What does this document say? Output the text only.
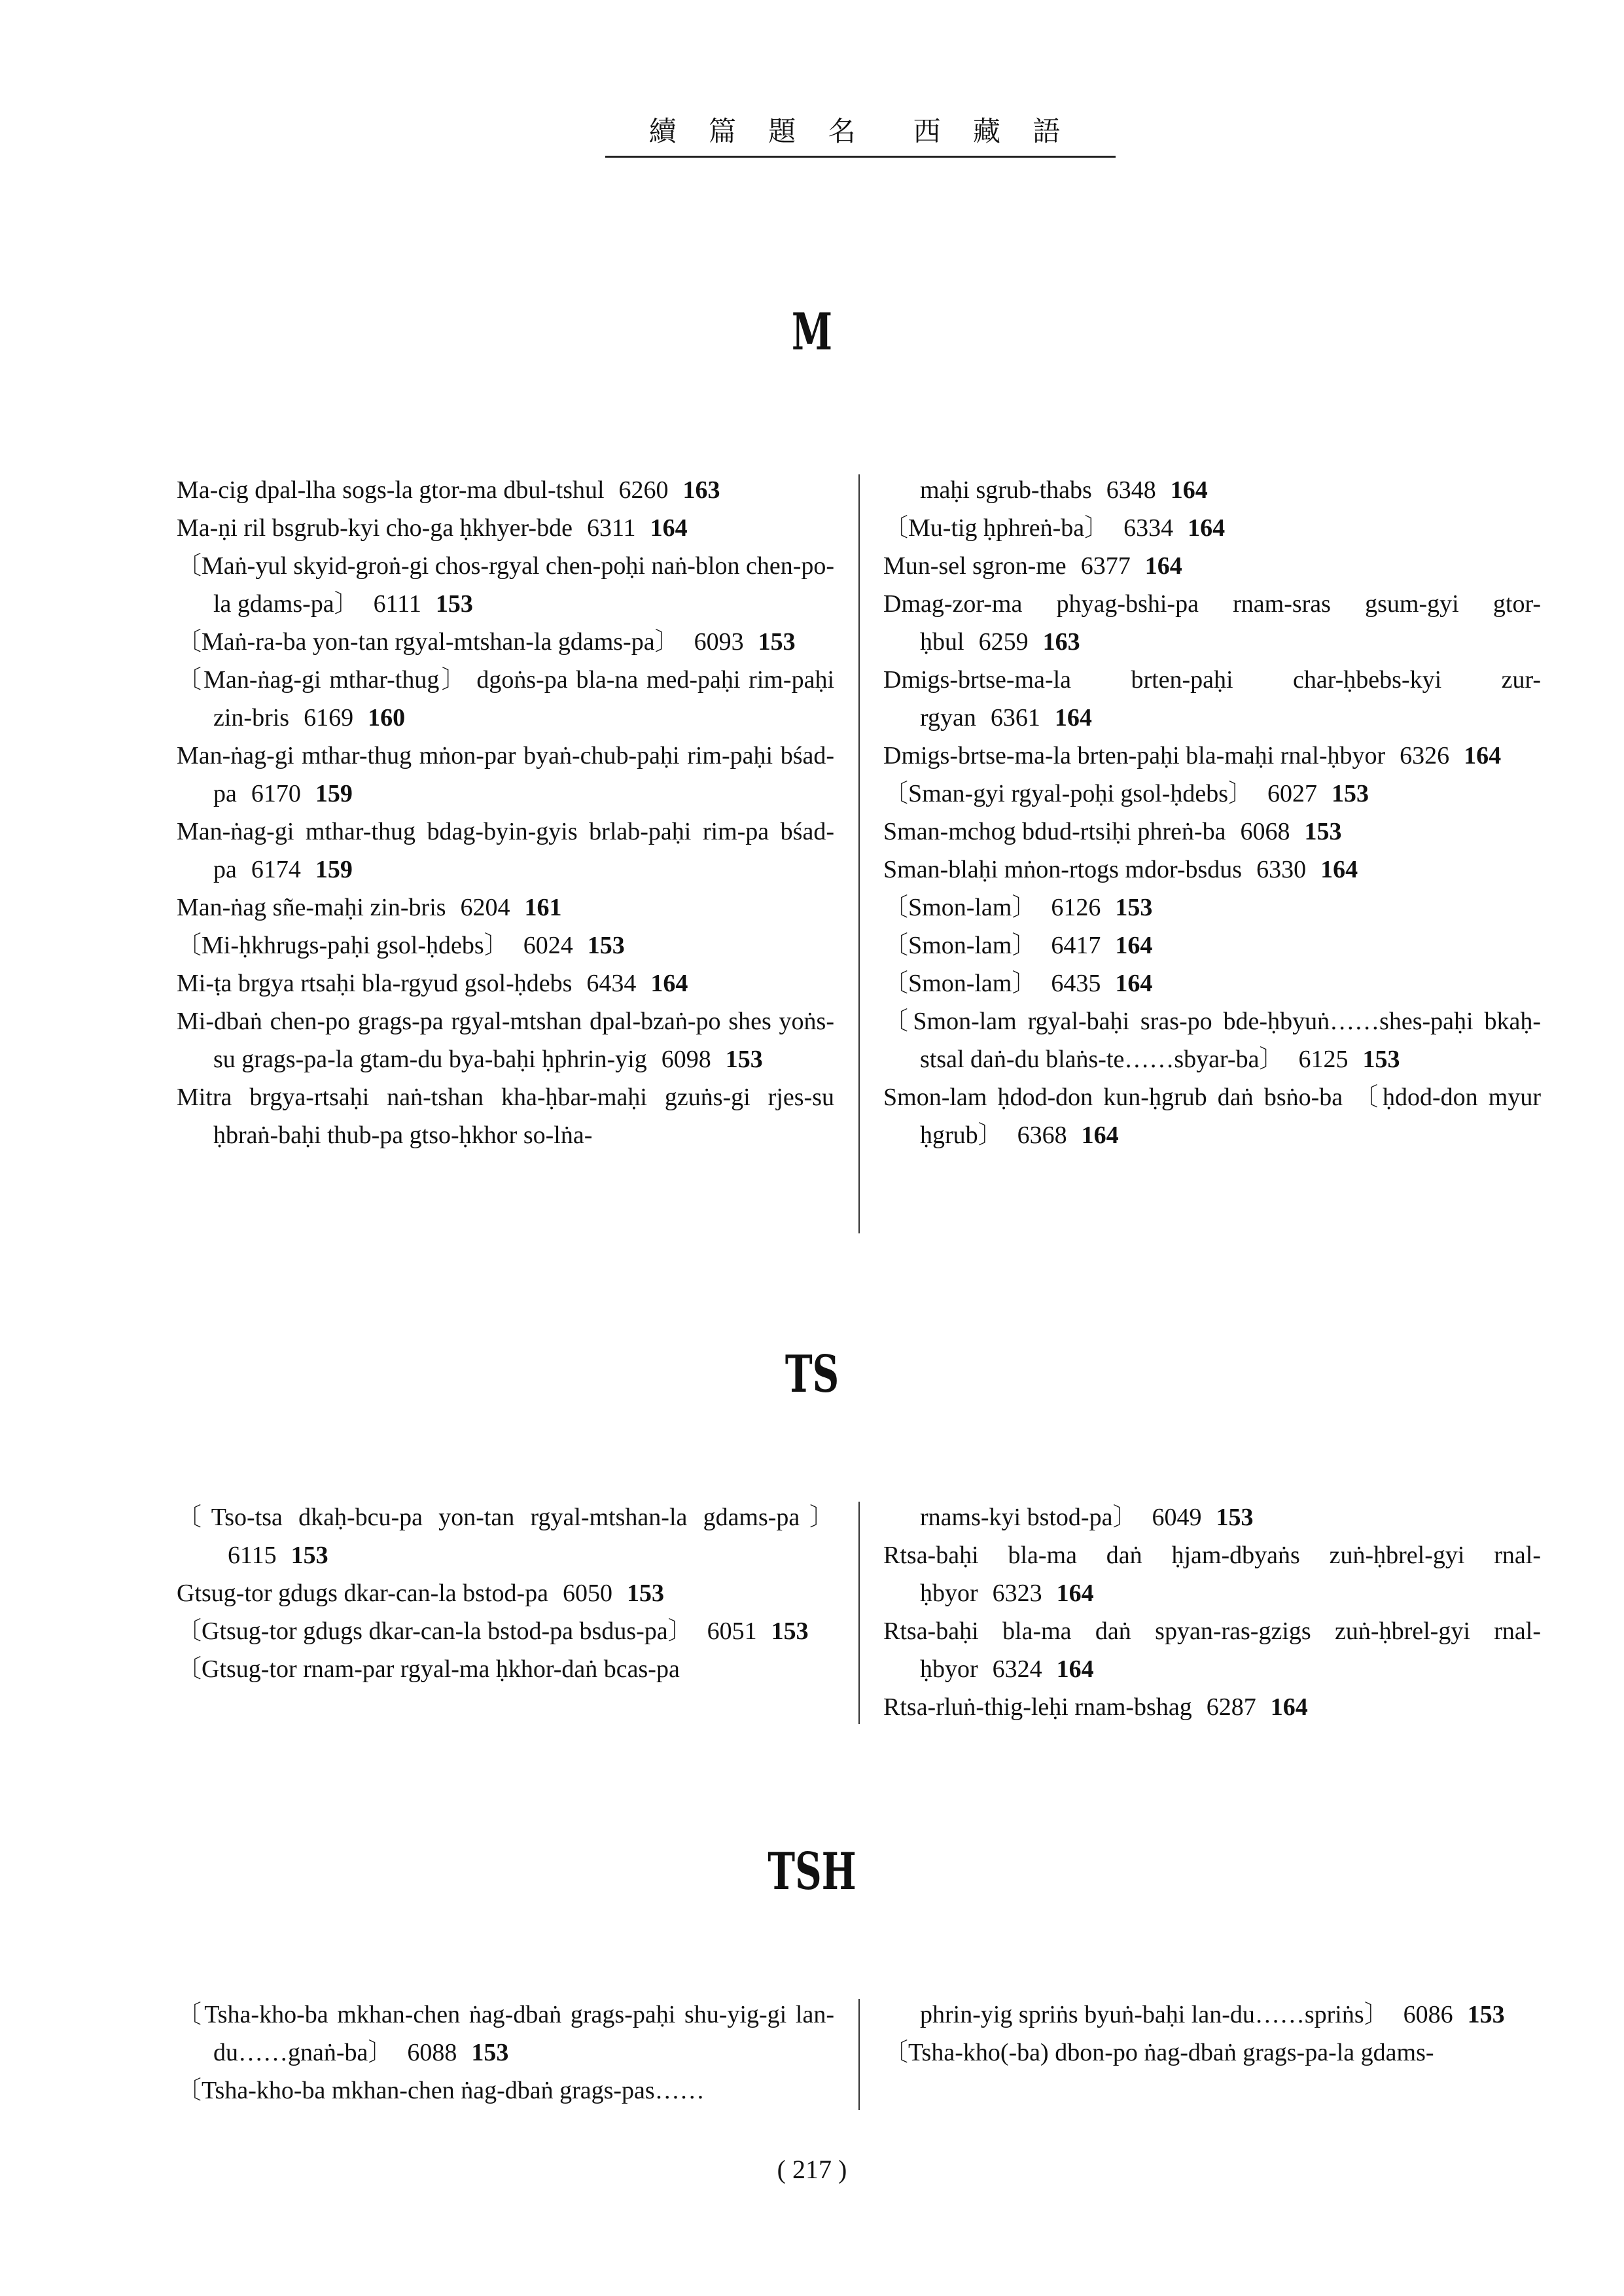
續 篇 題 名 西 藏 語
M

Ma-cig dpal-lha sogs-la gtor-ma dbul-tshul 6260 163

Ma-ṇi ril bsgrub-kyi cho-ga ḥkhyer-bde 6311 164

〔Maṅ-yul skyid-groṅ-gi chos-rgyal chen-poḥi naṅ-blon chen-po-la gdams-pa〕 6111 153

〔Maṅ-ra-ba yon-tan rgyal-mtshan-la gdams-pa〕 6093 153

〔Man-ṅag-gi mthar-thug〕 dgoṅs-pa bla-na med-paḥi rim-paḥi zin-bris 6169 160

Man-ṅag-gi mthar-thug mṅon-par byaṅ-chub-paḥi rim-paḥi bśad-pa 6170 159

Man-ṅag-gi mthar-thug bdag-byin-gyis brlab-paḥi rim-pa bśad-pa 6174 159

Man-ṅag sñe-maḥi zin-bris 6204 161

〔Mi-ḥkhrugs-paḥi gsol-ḥdebs〕 6024 153

Mi-ṭa brgya rtsaḥi bla-rgyud gsol-ḥdebs 6434 164

Mi-dbaṅ chen-po grags-pa rgyal-mtshan dpal-bzaṅ-po shes yoṅs-su grags-pa-la gtam-du bya-baḥi ḥphrin-yig 6098 153

Mitra brgya-rtsaḥi naṅ-tshan kha-ḥbar-maḥi gzuṅs-gi rjes-su ḥbraṅ-baḥi thub-pa gtso-ḥkhor so-lṅa-

maḥi sgrub-thabs 6348 164

〔Mu-tig ḥphreṅ-ba〕 6334 164

Mun-sel sgron-me 6377 164

Dmag-zor-ma phyag-bshi-pa rnam-sras gsum-gyi gtor-ḥbul 6259 163

Dmigs-brtse-ma-la brten-paḥi char-ḥbebs-kyi zur-rgyan 6361 164

Dmigs-brtse-ma-la brten-paḥi bla-maḥi rnal-ḥbyor 6326 164

〔Sman-gyi rgyal-poḥi gsol-ḥdebs〕 6027 153

Sman-mchog bdud-rtsiḥi phreṅ-ba 6068 153

Sman-blaḥi mṅon-rtogs mdor-bsdus 6330 164

〔Smon-lam〕 6126 153

〔Smon-lam〕 6417 164

〔Smon-lam〕 6435 164

〔Smon-lam rgyal-baḥi sras-po bde-ḥbyuṅ……shes-paḥi bkaḥ-stsal daṅ-du blaṅs-te……sbyar-ba〕 6125 153

Smon-lam ḥdod-don kun-ḥgrub daṅ bsṅo-ba 〔ḥdod-don myur ḥgrub〕 6368 164

TS

〔Tso-tsa dkaḥ-bcu-pa yon-tan rgyal-mtshan-la gdams-pa〕6115 153

Gtsug-tor gdugs dkar-can-la bstod-pa 6050 153

〔Gtsug-tor gdugs dkar-can-la bstod-pa bsdus-pa〕 6051 153

〔Gtsug-tor rnam-par rgyal-ma ḥkhor-daṅ bcas-pa

rnams-kyi bstod-pa〕 6049 153

Rtsa-baḥi bla-ma daṅ ḥjam-dbyaṅs zuṅ-ḥbrel-gyi rnal-ḥbyor 6323 164

Rtsa-baḥi bla-ma daṅ spyan-ras-gzigs zuṅ-ḥbrel-gyi rnal-ḥbyor 6324 164

Rtsa-rluṅ-thig-leḥi rnam-bshag 6287 164

TSH

〔Tsha-kho-ba mkhan-chen ṅag-dbaṅ grags-paḥi shu-yig-gi lan-du……gnaṅ-ba〕 6088 153

〔Tsha-kho-ba mkhan-chen ṅag-dbaṅ grags-pas……

phrin-yig spriṅs byuṅ-baḥi lan-du……spriṅs〕 6086 153

〔Tsha-kho(-ba) dbon-po ṅag-dbaṅ grags-pa-la gdams-

( 217 )
